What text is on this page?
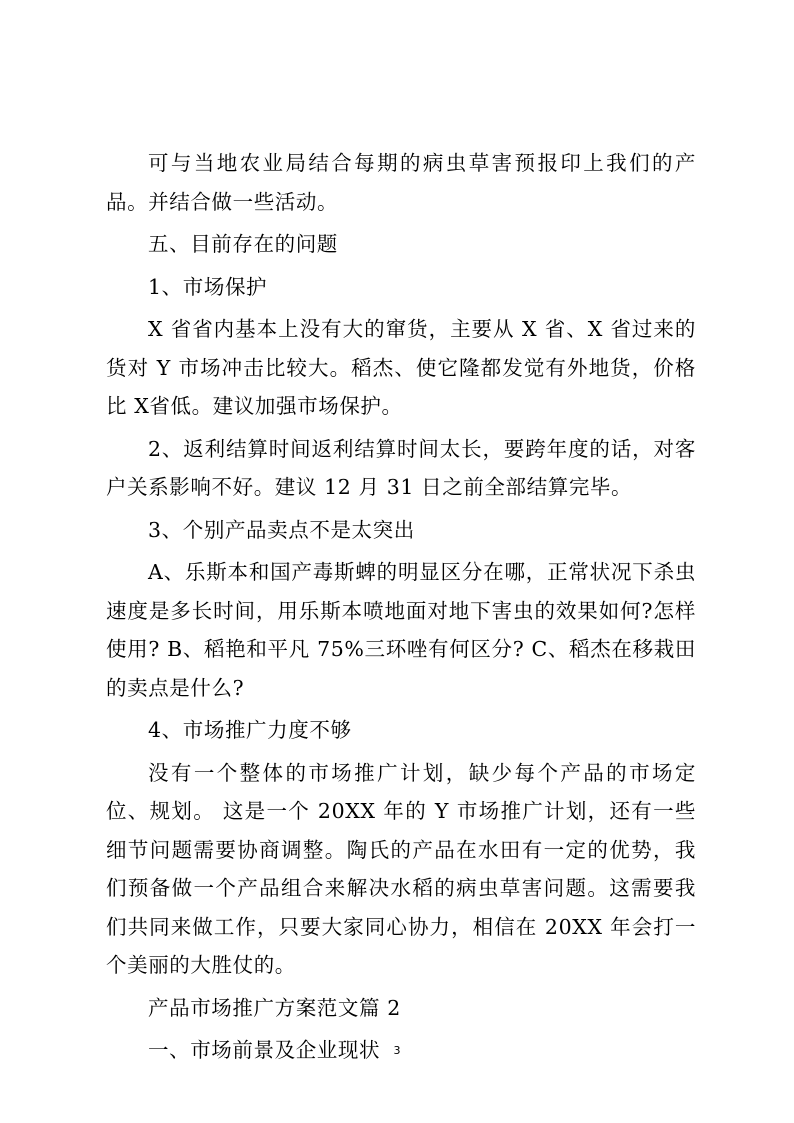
可与当地农业局结合每期的病虫草害预报印上我们的产品。并结合做一些活动。

五、目前存在的问题

1、市场保护

X 省省内基本上没有大的窜货，主要从 X 省、X 省过来的货对 Y 市场冲击比较大。稻杰、使它隆都发觉有外地货，价格比 X省低。建议加强市场保护。

2、返利结算时间返利结算时间太长，要跨年度的话，对客户关系影响不好。建议 12 月 31 日之前全部结算完毕。

3、个别产品卖点不是太突出

A、乐斯本和国产毒斯蜱的明显区分在哪，正常状况下杀虫速度是多长时间，用乐斯本喷地面对地下害虫的效果如何?怎样使用? B、稻艳和平凡 75%三环唑有何区分? C、稻杰在移栽田的卖点是什么?

4、市场推广力度不够

没有一个整体的市场推广计划，缺少每个产品的市场定位、规划。 这是一个 20XX 年的 Y 市场推广计划，还有一些细节问题需要协商调整。陶氏的产品在水田有一定的优势，我们预备做一个产品组合来解决水稻的病虫草害问题。这需要我们共同来做工作，只要大家同心协力，相信在 20XX 年会打一个美丽的大胜仗的。

产品市场推广方案范文篇 2

一、市场前景及企业现状	3
